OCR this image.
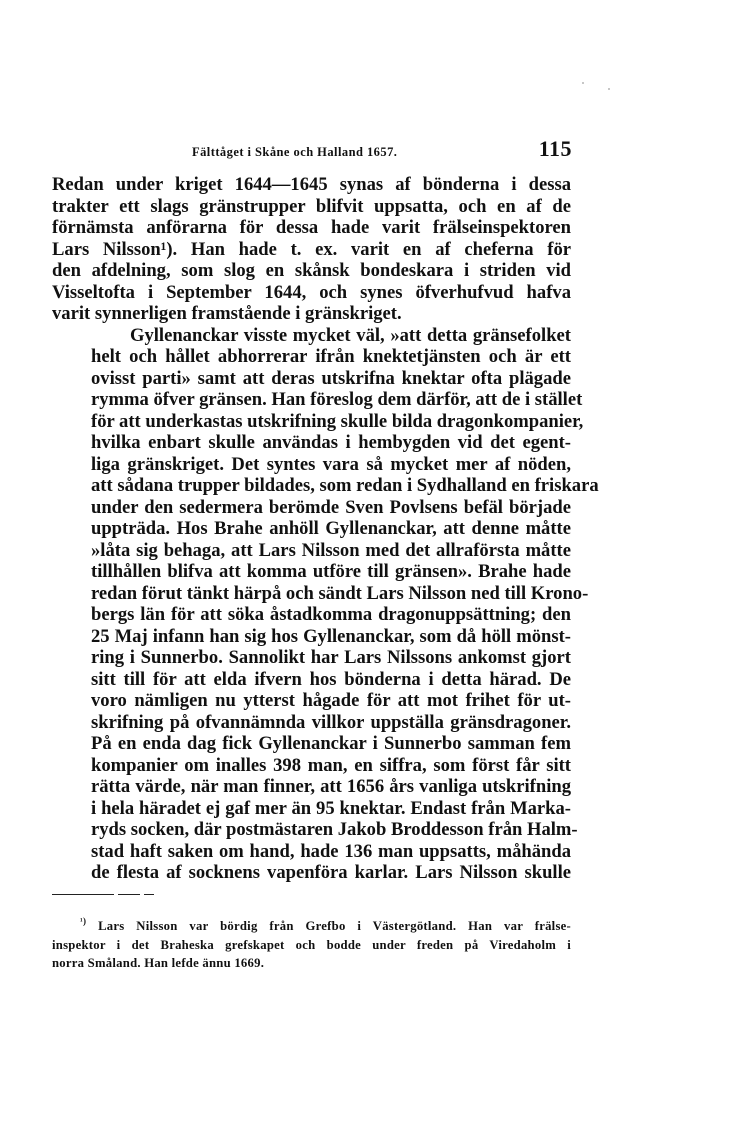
Fälttåget i Skåne och Halland 1657.	115
Redan under kriget 1644—1645 synas af bönderna i dessa
trakter ett slags gränstrupper blifvit uppsatta, och en af de
förnämsta anförarna för dessa hade varit frälseinspektoren
Lars Nilsson¹). Han hade t. ex. varit en af cheferna för
den afdelning, som slog en skånsk bondeskara i striden vid
Visseltofta i September 1644, och synes öfverhufvud hafva
varit synnerligen framstående i gränskriget.
Gyllenanckar visste mycket väl, »att detta gränsefolket
helt och hållet abhorrerar ifrån knektetjänsten och är ett
ovisst parti» samt att deras utskrifna knektar ofta plägade
rymma öfver gränsen. Han föreslog dem därför, att de i stället
för att underkastas utskrifning skulle bilda dragonkompanier,
hvilka enbart skulle användas i hembygden vid det egent-
liga gränskriget. Det syntes vara så mycket mer af nöden,
att sådana trupper bildades, som redan i Sydhalland en friskara
under den sedermera berömde Sven Povlsens befäl började
uppträda. Hos Brahe anhöll Gyllenanckar, att denne måtte
»låta sig behaga, att Lars Nilsson med det allraförsta måtte
tillhållen blifva att komma utföre till gränsen». Brahe hade
redan förut tänkt härpå och sändt Lars Nilsson ned till Krono-
bergs län för att söka åstadkomma dragonuppsättning; den
25 Maj infann han sig hos Gyllenanckar, som då höll mönst-
ring i Sunnerbo. Sannolikt har Lars Nilssons ankomst gjort
sitt till för att elda ifvern hos bönderna i detta härad. De
voro nämligen nu ytterst hågade för att mot frihet för ut-
skrifning på ofvannämnda villkor uppställa gränsdragoner.
På en enda dag fick Gyllenanckar i Sunnerbo samman fem
kompanier om inalles 398 man, en siffra, som först får sitt
rätta värde, när man finner, att 1656 års vanliga utskrifning
i hela häradet ej gaf mer än 95 knektar. Endast från Marka-
ryds socken, där postmästaren Jakob Broddesson från Halm-
stad haft saken om hand, hade 136 man uppsatts, måhända
de flesta af socknens vapenföra karlar. Lars Nilsson skulle
$^{^1)}$ Lars Nilsson var bördig från Grefbo i Västergötland. Han var frälse-
inspektor i det Braheska grefskapet och bodde under freden på Viredaholm i
norra Småland. Han lefde ännu 1669.
